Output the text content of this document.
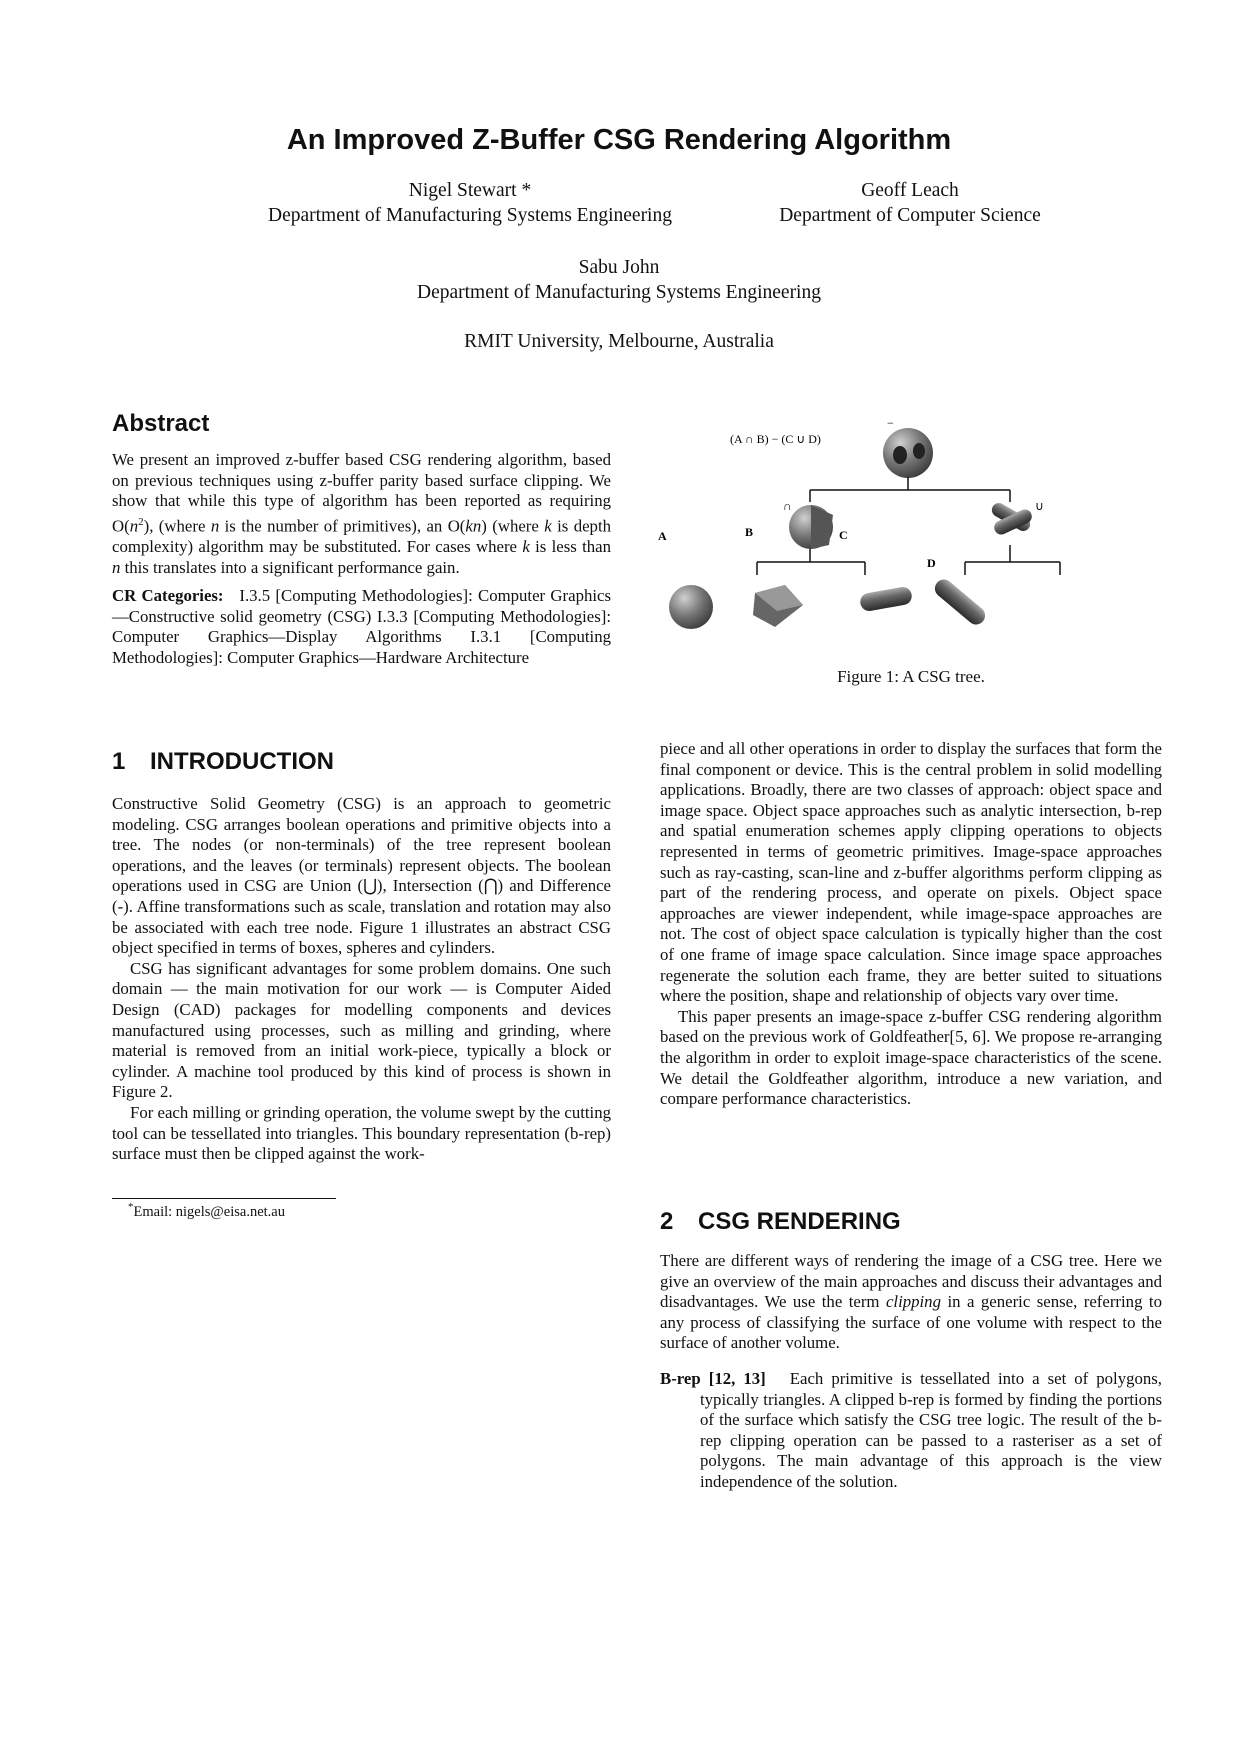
An Improved Z-Buffer CSG Rendering Algorithm
Nigel Stewart *
Department of Manufacturing Systems Engineering
Geoff Leach
Department of Computer Science
Sabu John
Department of Manufacturing Systems Engineering
RMIT University, Melbourne, Australia
Abstract

We present an improved z-buffer based CSG rendering algorithm, based on previous techniques using z-buffer parity based surface clipping. We show that while this type of algorithm has been reported as requiring $O(n^2)$, (where n is the number of primitives), an O(kn) (where k is depth complexity) algorithm may be substituted. For cases where k is less than n this translates into a significant performance gain.

CR Categories: I.3.5 [Computing Methodologies]: Computer Graphics—Constructive solid geometry (CSG) I.3.3 [Computing Methodologies]: Computer Graphics—Display Algorithms I.3.1 [Computing Methodologies]: Computer Graphics—Hardware Architecture

1 INTRODUCTION

Constructive Solid Geometry (CSG) is an approach to geometric modeling. CSG arranges boolean operations and primitive objects into a tree. The nodes (or non-terminals) of the tree represent boolean operations, and the leaves (or terminals) represent objects. The boolean operations used in CSG are Union (⋃), Intersection (⋂) and Difference (-). Affine transformations such as scale, translation and rotation may also be associated with each tree node. Figure 1 illustrates an abstract CSG object specified in terms of boxes, spheres and cylinders.

CSG has significant advantages for some problem domains. One such domain — the main motivation for our work — is Computer Aided Design (CAD) packages for modelling components and devices manufactured using processes, such as milling and grinding, where material is removed from an initial work-piece, typically a block or cylinder. A machine tool produced by this kind of process is shown in Figure 2.

For each milling or grinding operation, the volume swept by the cutting tool can be tessellated into triangles. This boundary representation (b-rep) surface must then be clipped against the work-

*Email: nigels@eisa.net.au
(A ∩ B) − (C ∪ D)
−
∩	∪
A	B	C
D
Figure 1: A CSG tree.

piece and all other operations in order to display the surfaces that form the final component or device. This is the central problem in solid modelling applications. Broadly, there are two classes of approach: object space and image space. Object space approaches such as analytic intersection, b-rep and spatial enumeration schemes apply clipping operations to objects represented in terms of geometric primitives. Image-space approaches such as ray-casting, scan-line and z-buffer algorithms perform clipping as part of the rendering process, and operate on pixels. Object space approaches are viewer independent, while image-space approaches are not. The cost of object space calculation is typically higher than the cost of one frame of image space calculation. Since image space approaches regenerate the solution each frame, they are better suited to situations where the position, shape and relationship of objects vary over time.

This paper presents an image-space z-buffer CSG rendering algorithm based on the previous work of Goldfeather[5, 6]. We propose re-arranging the algorithm in order to exploit image-space characteristics of the scene. We detail the Goldfeather algorithm, introduce a new variation, and compare performance characteristics.

2 CSG RENDERING

There are different ways of rendering the image of a CSG tree. Here we give an overview of the main approaches and discuss their advantages and disadvantages. We use the term clipping in a generic sense, referring to any process of classifying the surface of one volume with respect to the surface of another volume.

B-rep [12, 13] Each primitive is tessellated into a set of polygons, typically triangles. A clipped b-rep is formed by finding the portions of the surface which satisfy the CSG tree logic. The result of the b-rep clipping operation can be passed to a rasteriser as a set of polygons. The main advantage of this approach is the view independence of the solution.
